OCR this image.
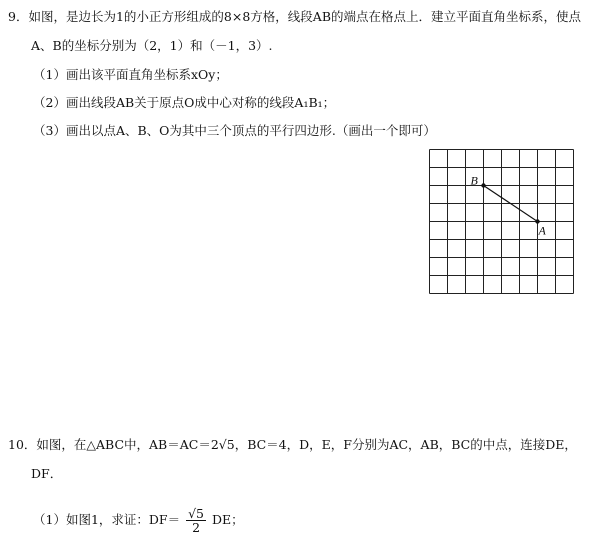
9．如图，是边长为1的小正方形组成的8×8方格，线段AB的端点在格点上．建立平面直角坐标系，使点
A、B的坐标分别为（2，1）和（－1，3）.
（1）画出该平面直角坐标系xOy；
（2）画出线段AB关于原点O成中心对称的线段A₁B₁；
（3）画出以点A、B、O为其中三个顶点的平行四边形.（画出一个即可）
B
A
10．如图，在△ABC中，AB＝AC＝2√5，BC＝4，D，E，F分别为AC，AB，BC的中点，连接DE，
DF．
（1）如图1，求证：$DF= \frac{√5}{2}$ DE；
